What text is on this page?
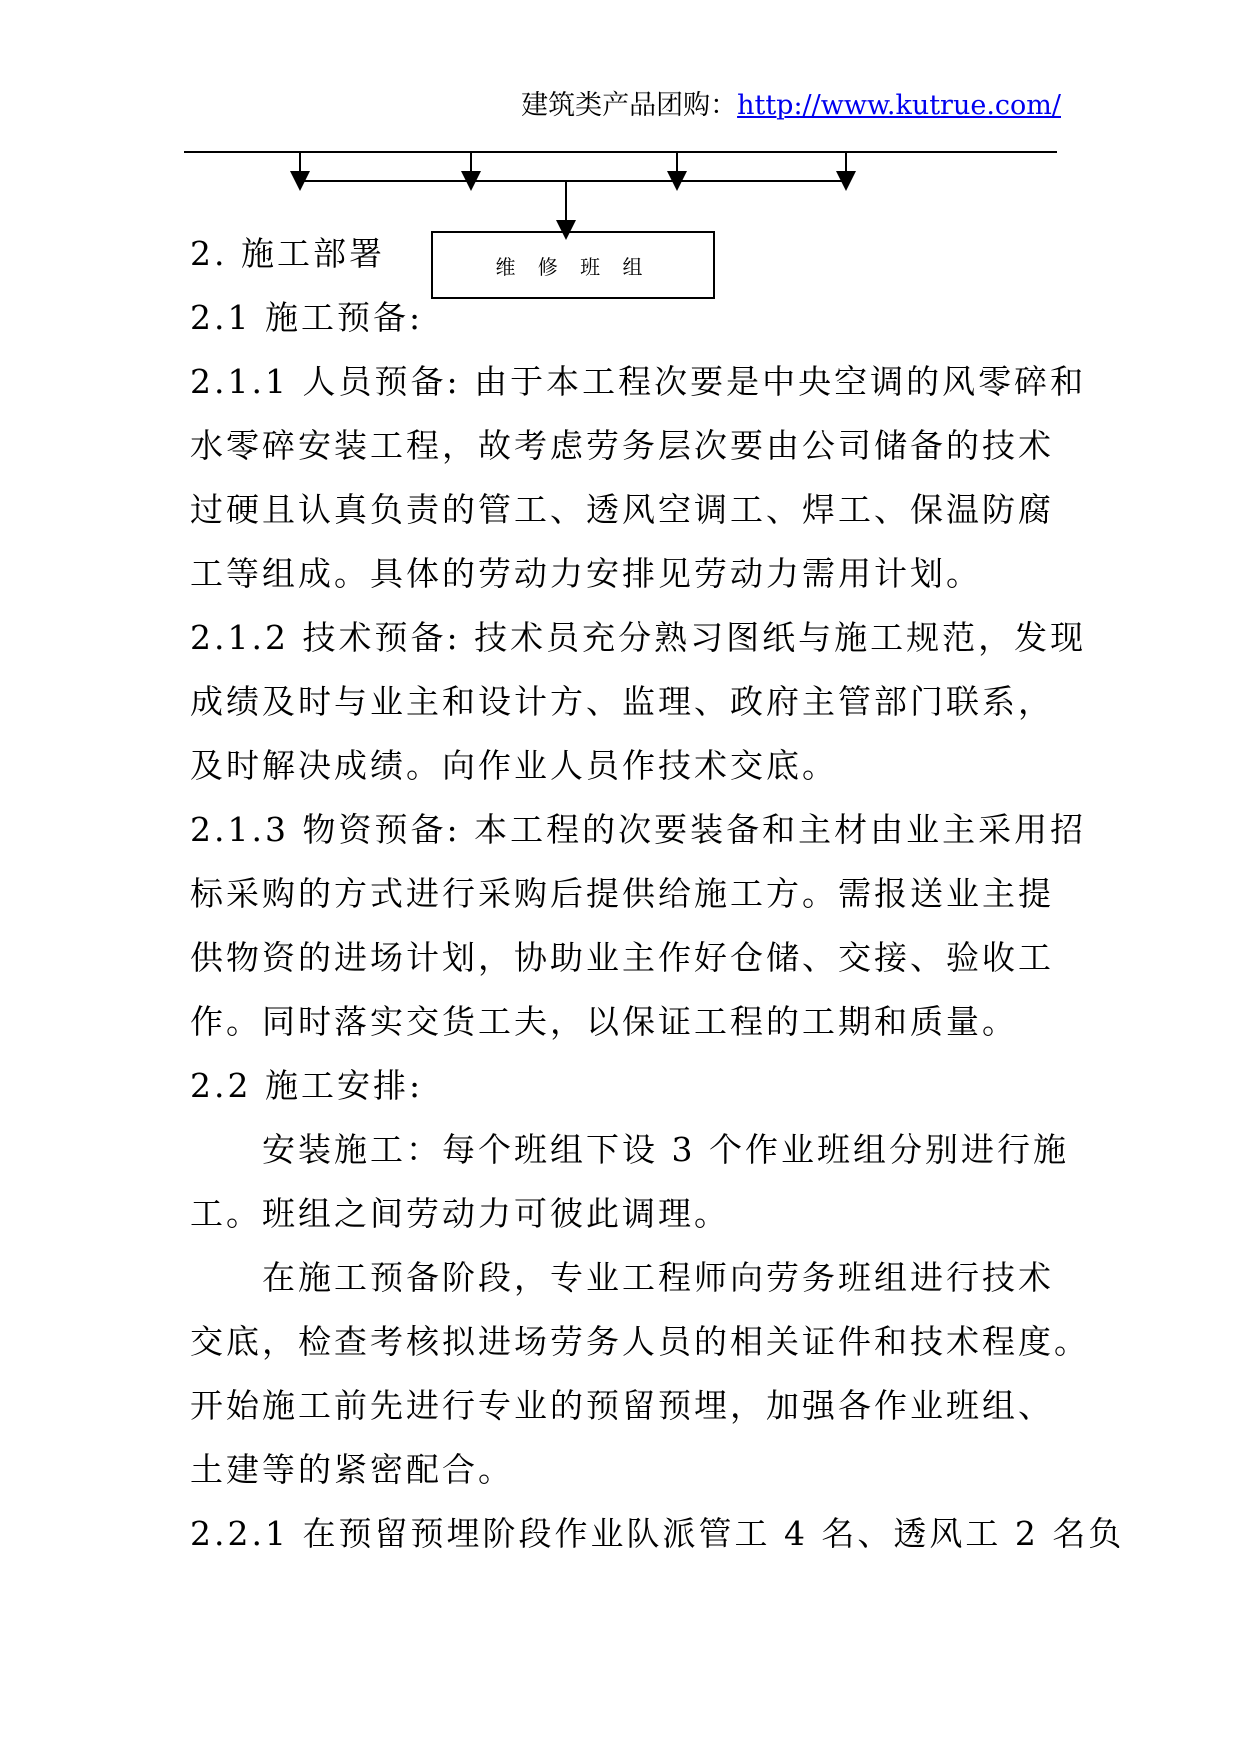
建筑类产品团购：http://www.kutrue.com/
维 修 班 组
2. 施工部署
2.1 施工预备:
2.1.1 人员预备: 由于本工程次要是中央空调的风零碎和
水零碎安装工程，故考虑劳务层次要由公司储备的技术
过硬且认真负责的管工、透风空调工、焊工、保温防腐
工等组成。具体的劳动力安排见劳动力需用计划。
2.1.2 技术预备: 技术员充分熟习图纸与施工规范，发现
成绩及时与业主和设计方、监理、政府主管部门联系，
及时解决成绩。向作业人员作技术交底。
2.1.3 物资预备: 本工程的次要装备和主材由业主采用招
标采购的方式进行采购后提供给施工方。需报送业主提
供物资的进场计划，协助业主作好仓储、交接、验收工
作。同时落实交货工夫，以保证工程的工期和质量。
2.2 施工安排:
安装施工：每个班组下设 3 个作业班组分别进行施
工。班组之间劳动力可彼此调理。
在施工预备阶段，专业工程师向劳务班组进行技术
交底，检查考核拟进场劳务人员的相关证件和技术程度。
开始施工前先进行专业的预留预埋，加强各作业班组、
土建等的紧密配合。
2.2.1 在预留预埋阶段作业队派管工 4 名、透风工 2 名负
